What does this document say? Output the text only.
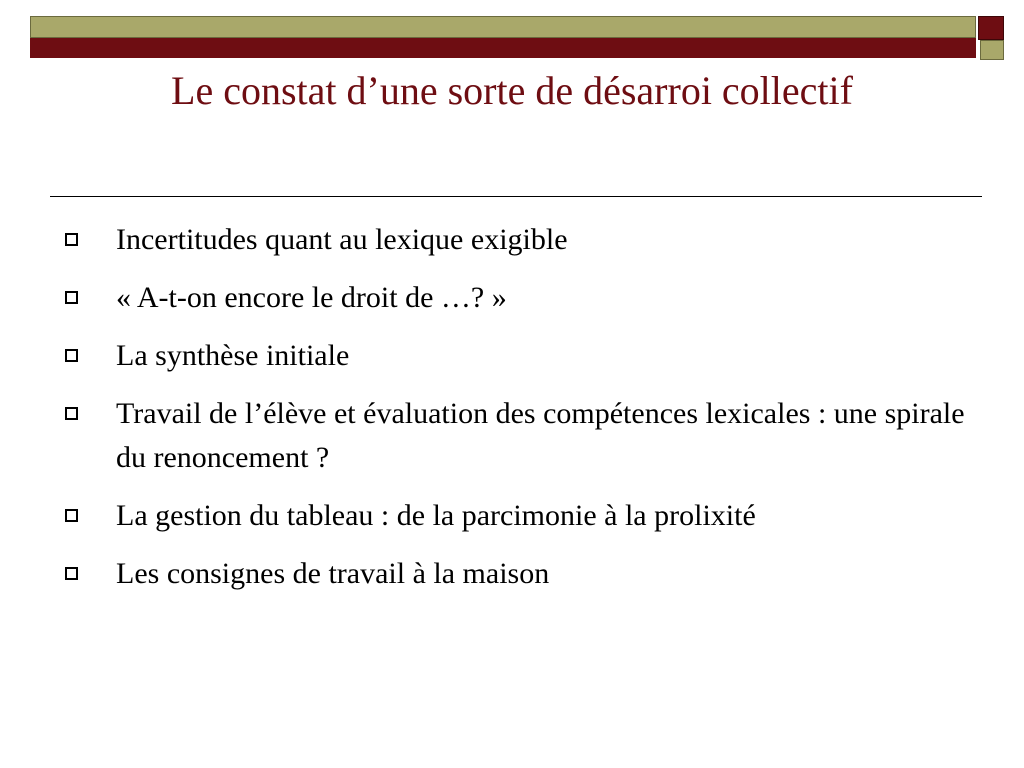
Le constat d’une sorte de désarroi collectif
Incertitudes quant au lexique exigible
« A-t-on encore le droit de …? »
La synthèse initiale
Travail de l’élève et évaluation des compétences lexicales : une spirale du renoncement ?
La gestion du tableau : de la parcimonie à la prolixité
Les consignes de travail à la maison
